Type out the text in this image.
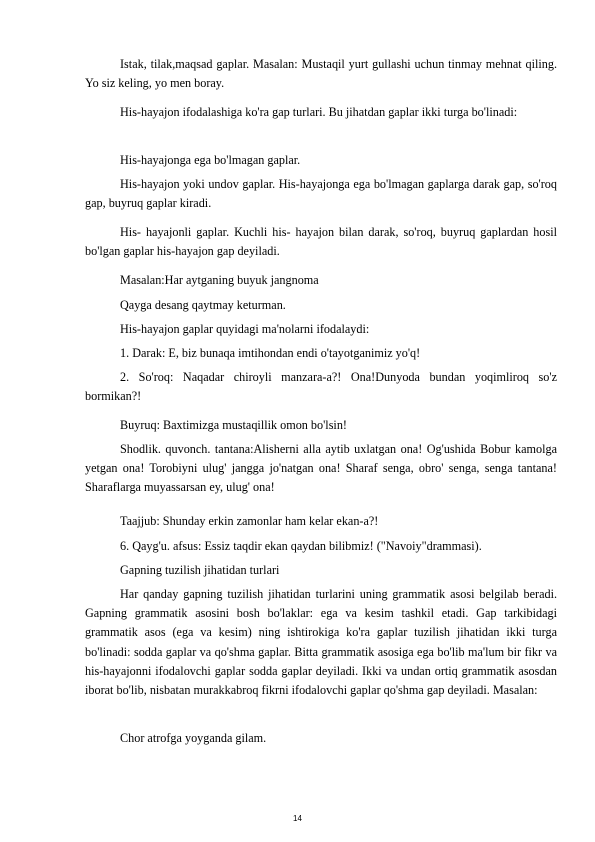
Istak, tilak,maqsad gaplar. Masalan: Mustaqil yurt gullashi uchun tinmay mehnat qiling. Yo siz keling, yo men boray.
His-hayajon ifodalashiga ko'ra gap turlari. Bu jihatdan gaplar ikki turga bo'linadi:
His-hayajonga ega bo'lmagan gaplar.
His-hayajon yoki undov gaplar. His-hayajonga ega bo'lmagan gaplarga darak gap, so'roq gap, buyruq gaplar kiradi.
His- hayajonli gaplar. Kuchli his- hayajon bilan darak, so'roq, buyruq gaplardan hosil bo'lgan gaplar his-hayajon gap deyiladi.
Masalan:Har aytganing buyuk jangnoma
Qayga desang qaytmay keturman.
His-hayajon gaplar quyidagi ma'nolarni ifodalaydi:
1. Darak: E, biz bunaqa imtihondan endi o'tayotganimiz yo'q!
2. So'roq: Naqadar chiroyli manzara-a?! Ona!Dunyoda bundan yoqimliroq so'z bormikan?!
Buyruq: Baxtimizga mustaqillik omon bo'lsin!
Shodlik. quvonch. tantana:Alisherni alla aytib uxlatgan ona! Og'ushida Bobur kamolga yetgan ona! Torobiyni ulug' jangga jo'natgan ona! Sharaf senga, obro' senga, senga tantana! Sharaflarga muyassarsan ey, ulug' ona!
Taajjub: Shunday erkin zamonlar ham kelar ekan-a?!
6. Qayg'u. afsus: Essiz taqdir ekan qaydan bilibmiz! ("Navoiy"drammasi).
Gapning tuzilish jihatidan turlari
Har qanday gapning tuzilish jihatidan turlarini uning grammatik asosi belgilab beradi. Gapning grammatik asosini bosh bo'laklar: ega va kesim tashkil etadi. Gap tarkibidagi grammatik asos (ega va kesim) ning ishtirokiga ko'ra gaplar tuzilish jihatidan ikki turga bo'linadi: sodda gaplar va qo'shma gaplar. Bitta grammatik asosiga ega bo'lib ma'lum bir fikr va his-hayajonni ifodalovchi gaplar sodda gaplar deyiladi. Ikki va undan ortiq grammatik asosdan iborat bo'lib, nisbatan murakkabroq fikrni ifodalovchi gaplar qo'shma gap deyiladi. Masalan:
Chor atrofga yoyganda gilam.
14
